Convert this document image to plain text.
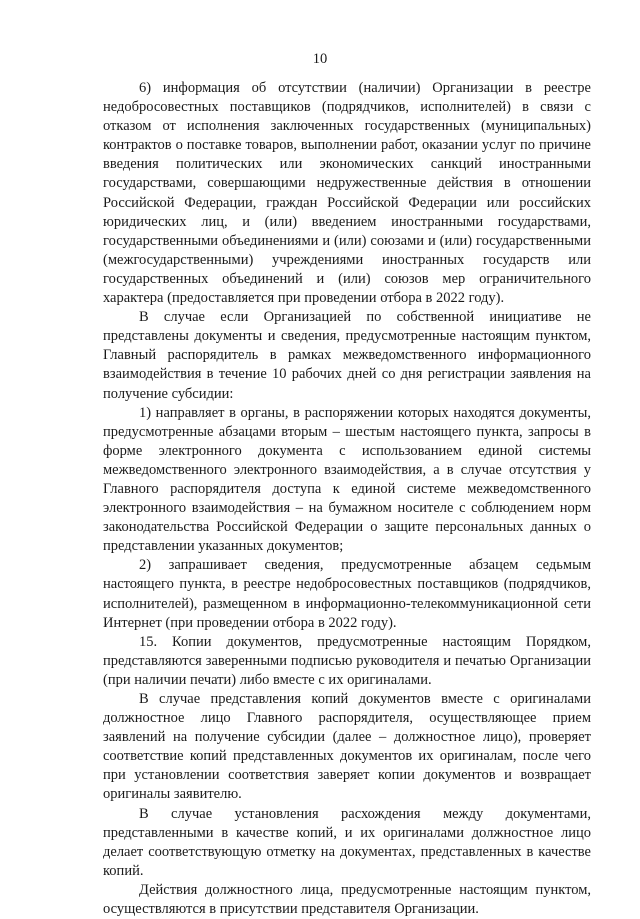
10

6) информация об отсутствии (наличии) Организации в реестре недобросовестных поставщиков (подрядчиков, исполнителей) в связи с отказом от исполнения заключенных государственных (муниципальных) контрактов о поставке товаров, выполнении работ, оказании услуг по причине введения политических или экономических санкций иностранными государствами, совершающими недружественные действия в отношении Российской Федерации, граждан Российской Федерации или российских юридических лиц, и (или) введением иностранными государствами, государственными объединениями и (или) союзами и (или) государственными (межгосударственными) учреждениями иностранных государств или государственных объединений и (или) союзов мер ограничительного характера (предоставляется при проведении отбора в 2022 году).

В случае если Организацией по собственной инициативе не представлены документы и сведения, предусмотренные настоящим пунктом, Главный распорядитель в рамках межведомственного информационного взаимодействия в течение 10 рабочих дней со дня регистрации заявления на получение субсидии:

1) направляет в органы, в распоряжении которых находятся документы, предусмотренные абзацами вторым – шестым настоящего пункта, запросы в форме электронного документа с использованием единой системы межведомственного электронного взаимодействия, а в случае отсутствия у Главного распорядителя доступа к единой системе межведомственного электронного взаимодействия – на бумажном носителе с соблюдением норм законодательства Российской Федерации о защите персональных данных о представлении указанных документов;

2) запрашивает сведения, предусмотренные абзацем седьмым настоящего пункта, в реестре недобросовестных поставщиков (подрядчиков, исполнителей), размещенном в информационно-телекоммуникационной сети Интернет (при проведении отбора в 2022 году).

15. Копии документов, предусмотренные настоящим Порядком, представляются заверенными подписью руководителя и печатью Организации (при наличии печати) либо вместе с их оригиналами.

В случае представления копий документов вместе с оригиналами должностное лицо Главного распорядителя, осуществляющее прием заявлений на получение субсидии (далее – должностное лицо), проверяет соответствие копий представленных документов их оригиналам, после чего при установлении соответствия заверяет копии документов и возвращает оригиналы заявителю.

В случае установления расхождения между документами, представленными в качестве копий, и их оригиналами должностное лицо делает соответствующую отметку на документах, представленных в качестве копий.

Действия должностного лица, предусмотренные настоящим пунктом, осуществляются в присутствии представителя Организации.
